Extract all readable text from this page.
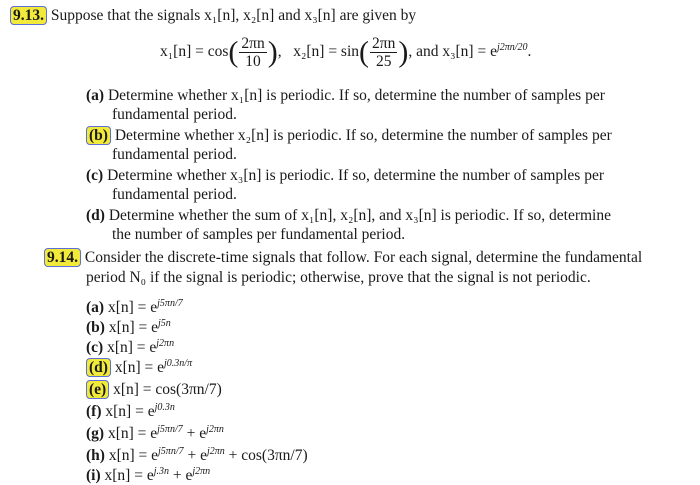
9.13. Suppose that the signals x₁[n], x₂[n] and x₃[n] are given by
$x_1[n] = \cos( \frac{2\pi n}{10}$ ),   $x_2[n] = \sin( \frac{2\pi n}{25}$ ), and $x_3[n] = e^{j2\pi n/20}$.
(a) Determine whether x₁[n] is periodic. If so, determine the number of samples per
fundamental period.
(b) Determine whether x₂[n] is periodic. If so, determine the number of samples per
fundamental period.
(c) Determine whether x₃[n] is periodic. If so, determine the number of samples per
fundamental period.
(d) Determine whether the sum of x₁[n], x₂[n], and x₃[n] is periodic. If so, determine
the number of samples per fundamental period.
9.14. Consider the discrete-time signals that follow. For each signal, determine the fundamental
period N₀ if the signal is periodic; otherwise, prove that the signal is not periodic.
(a) $x[n] = e^{j5\pi n/7}$
(b) $x[n] = e^{j5n}$
(c) $x[n] = e^{j2\pi n}$
(d) $x[n] = e^{j0.3n/\pi}$
(e) x[n] = cos(3πn/7)
(f) $x[n] = e^{j0.3n}$
(g) $x[n] = e^{j5\pi n/7} + e^{j2\pi n}$
(h) $x[n] = e^{j5\pi n/7} + e^{j2\pi n} + \cos(3\pi n/7)$
(i) $x[n] = e^{j.3n} + e^{j2\pi n}$
